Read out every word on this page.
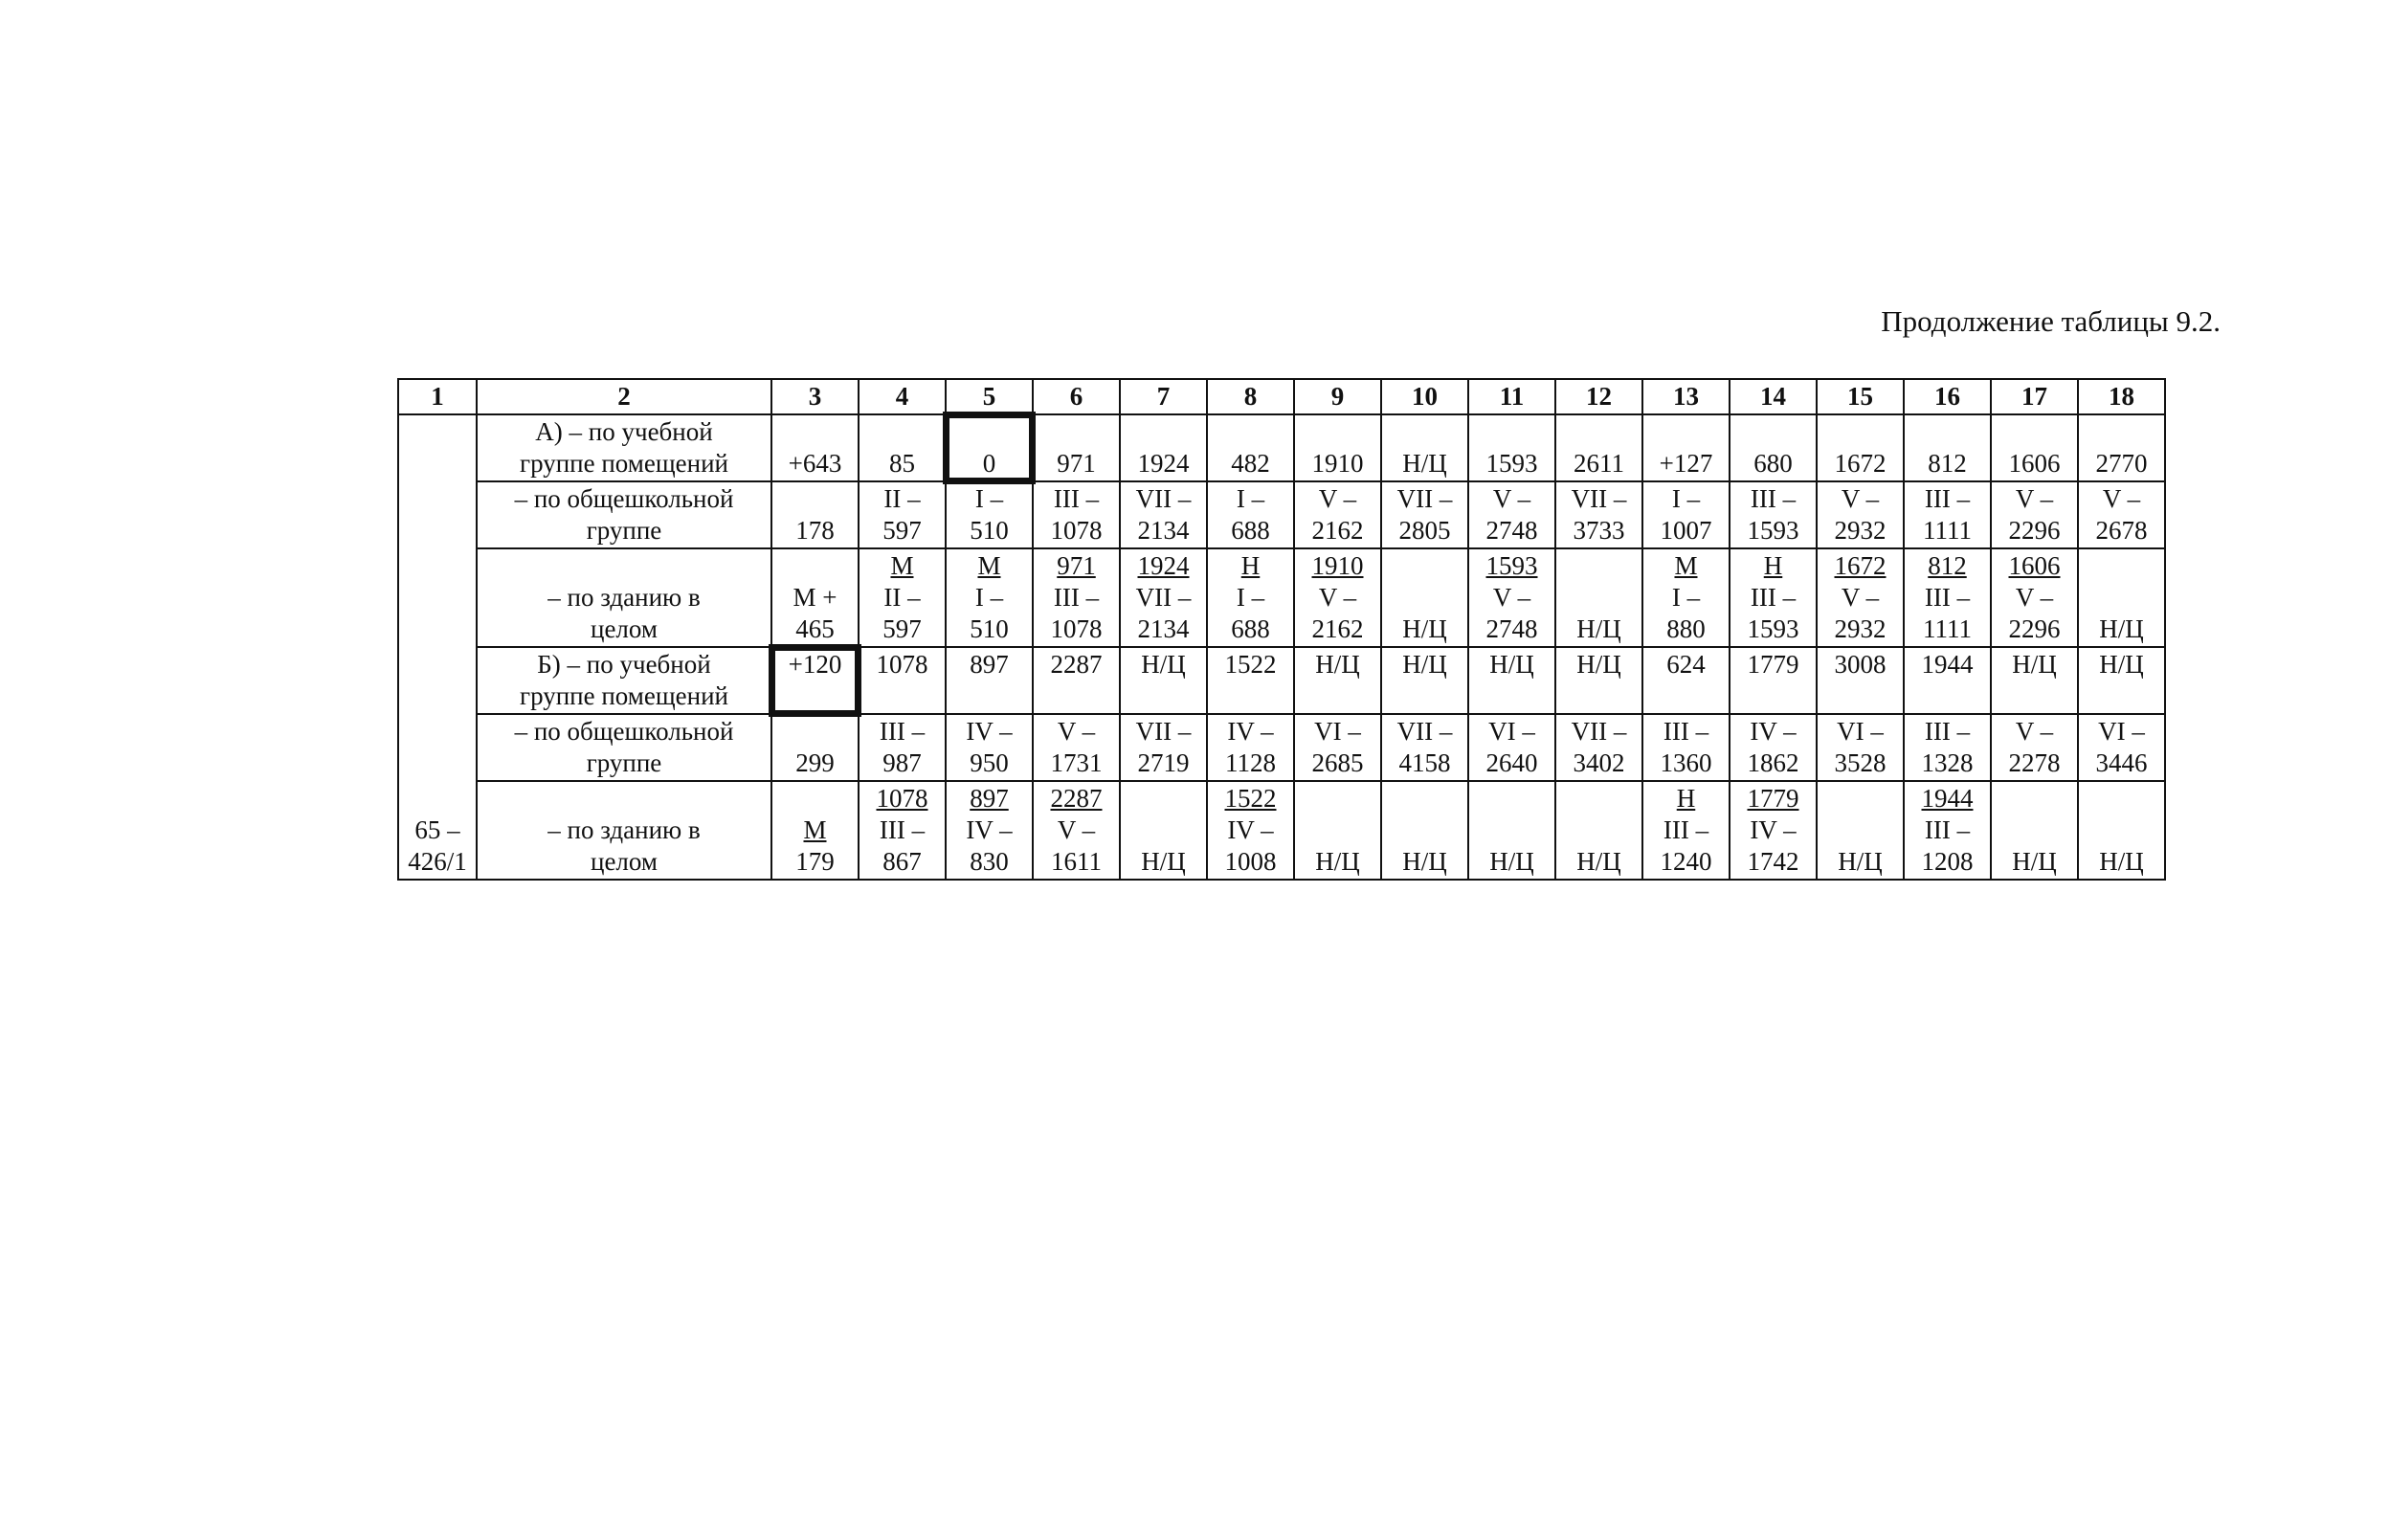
Продолжение таблицы 9.2.
1	2	3	4	5	6	7	8	9	10	11	12	13	14	15	16	17	18

65 –
426/1	А) – по учебной
группе помещений	+643	85	0	971	1924	482	1910	Н/Ц	1593	2611	+127	680	1672	812	1606	2770

	– по общешкольной
группе	178	II –
597	I –
510	III –
1078	VII –
2134	I –
688	V –
2162	VII –
2805	V –
2748	VII –
3733	I –
1007	III –
1593	V –
2932	III –
1111	V –
2296	V –
2678

	– по зданию в
целом	М +
465	М
II –
597	М
I –
510	971
III –
1078	1924
VII –
2134	Н
I –
688	1910
V –
2162	Н/Ц	1593
V –
2748	Н/Ц	М
I –
880	Н
III –
1593	1672
V –
2932	812
III –
1111	1606
V –
2296	Н/Ц

	Б) – по учебной
группе помещений	+120	1078	897	2287	Н/Ц	1522	Н/Ц	Н/Ц	Н/Ц	Н/Ц	624	1779	3008	1944	Н/Ц	Н/Ц

	– по общешкольной
группе	299	III –
987	IV –
950	V –
1731	VII –
2719	IV –
1128	VI –
2685	VII –
4158	VI –
2640	VII –
3402	III –
1360	IV –
1862	VI –
3528	III –
1328	V –
2278	VI –
3446

	– по зданию в
целом	М
179	1078
III –
867	897
IV –
830	2287
V –
1611	Н/Ц	1522
IV –
1008	Н/Ц	Н/Ц	Н/Ц	Н/Ц	Н
III –
1240	1779
IV –
1742	Н/Ц	1944
III –
1208	Н/Ц	Н/Ц
